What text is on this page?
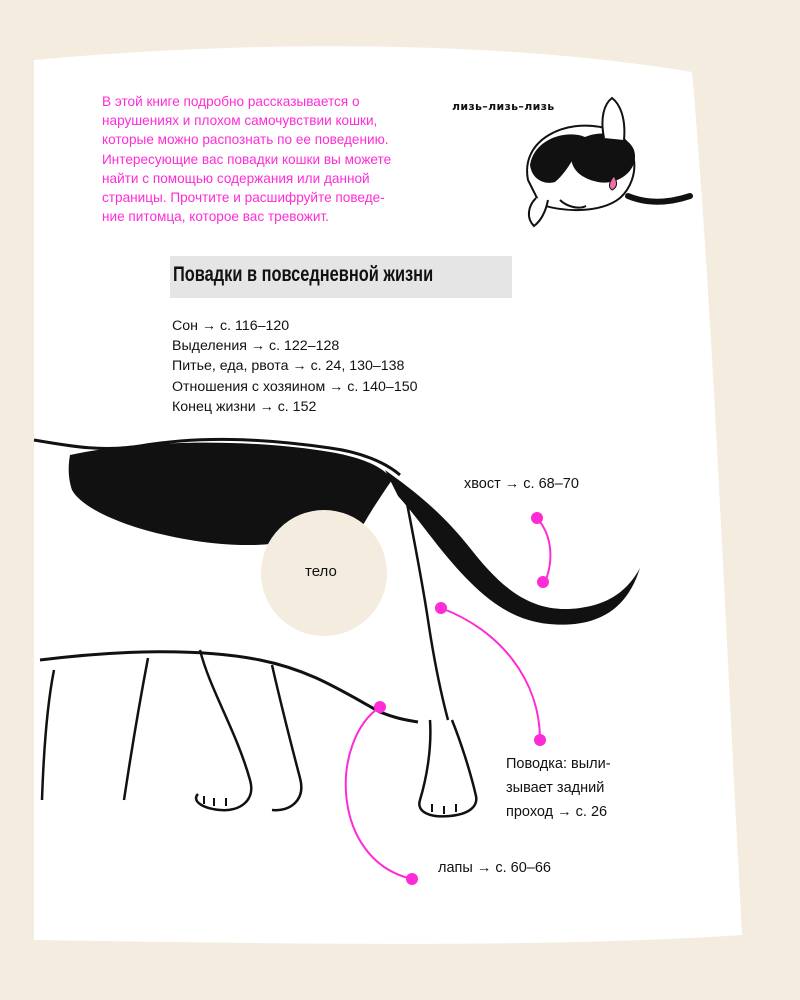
В этой книге подробно рассказывается о
нарушениях и плохом самочувствии кошки,
которые можно распознать по ее поведению.
Интересующие вас повадки кошки вы можете
найти с помощью содержания или данной
страницы. Прочтите и расшифруйте поведе-
ние питомца, которое вас тревожит.

лизь–лизь–лизь
Повадки в повседневной жизни
Сон → с. 116–120
Выделения → с. 122–128
Питье, еда, рвота → с. 24, 130–138
Отношения с хозяином → с. 140–150
Конец жизни → с. 152
тело
хвост → с. 68–70
Поводка: выли-
зывает задний
проход → с. 26
лапы → с. 60–66
